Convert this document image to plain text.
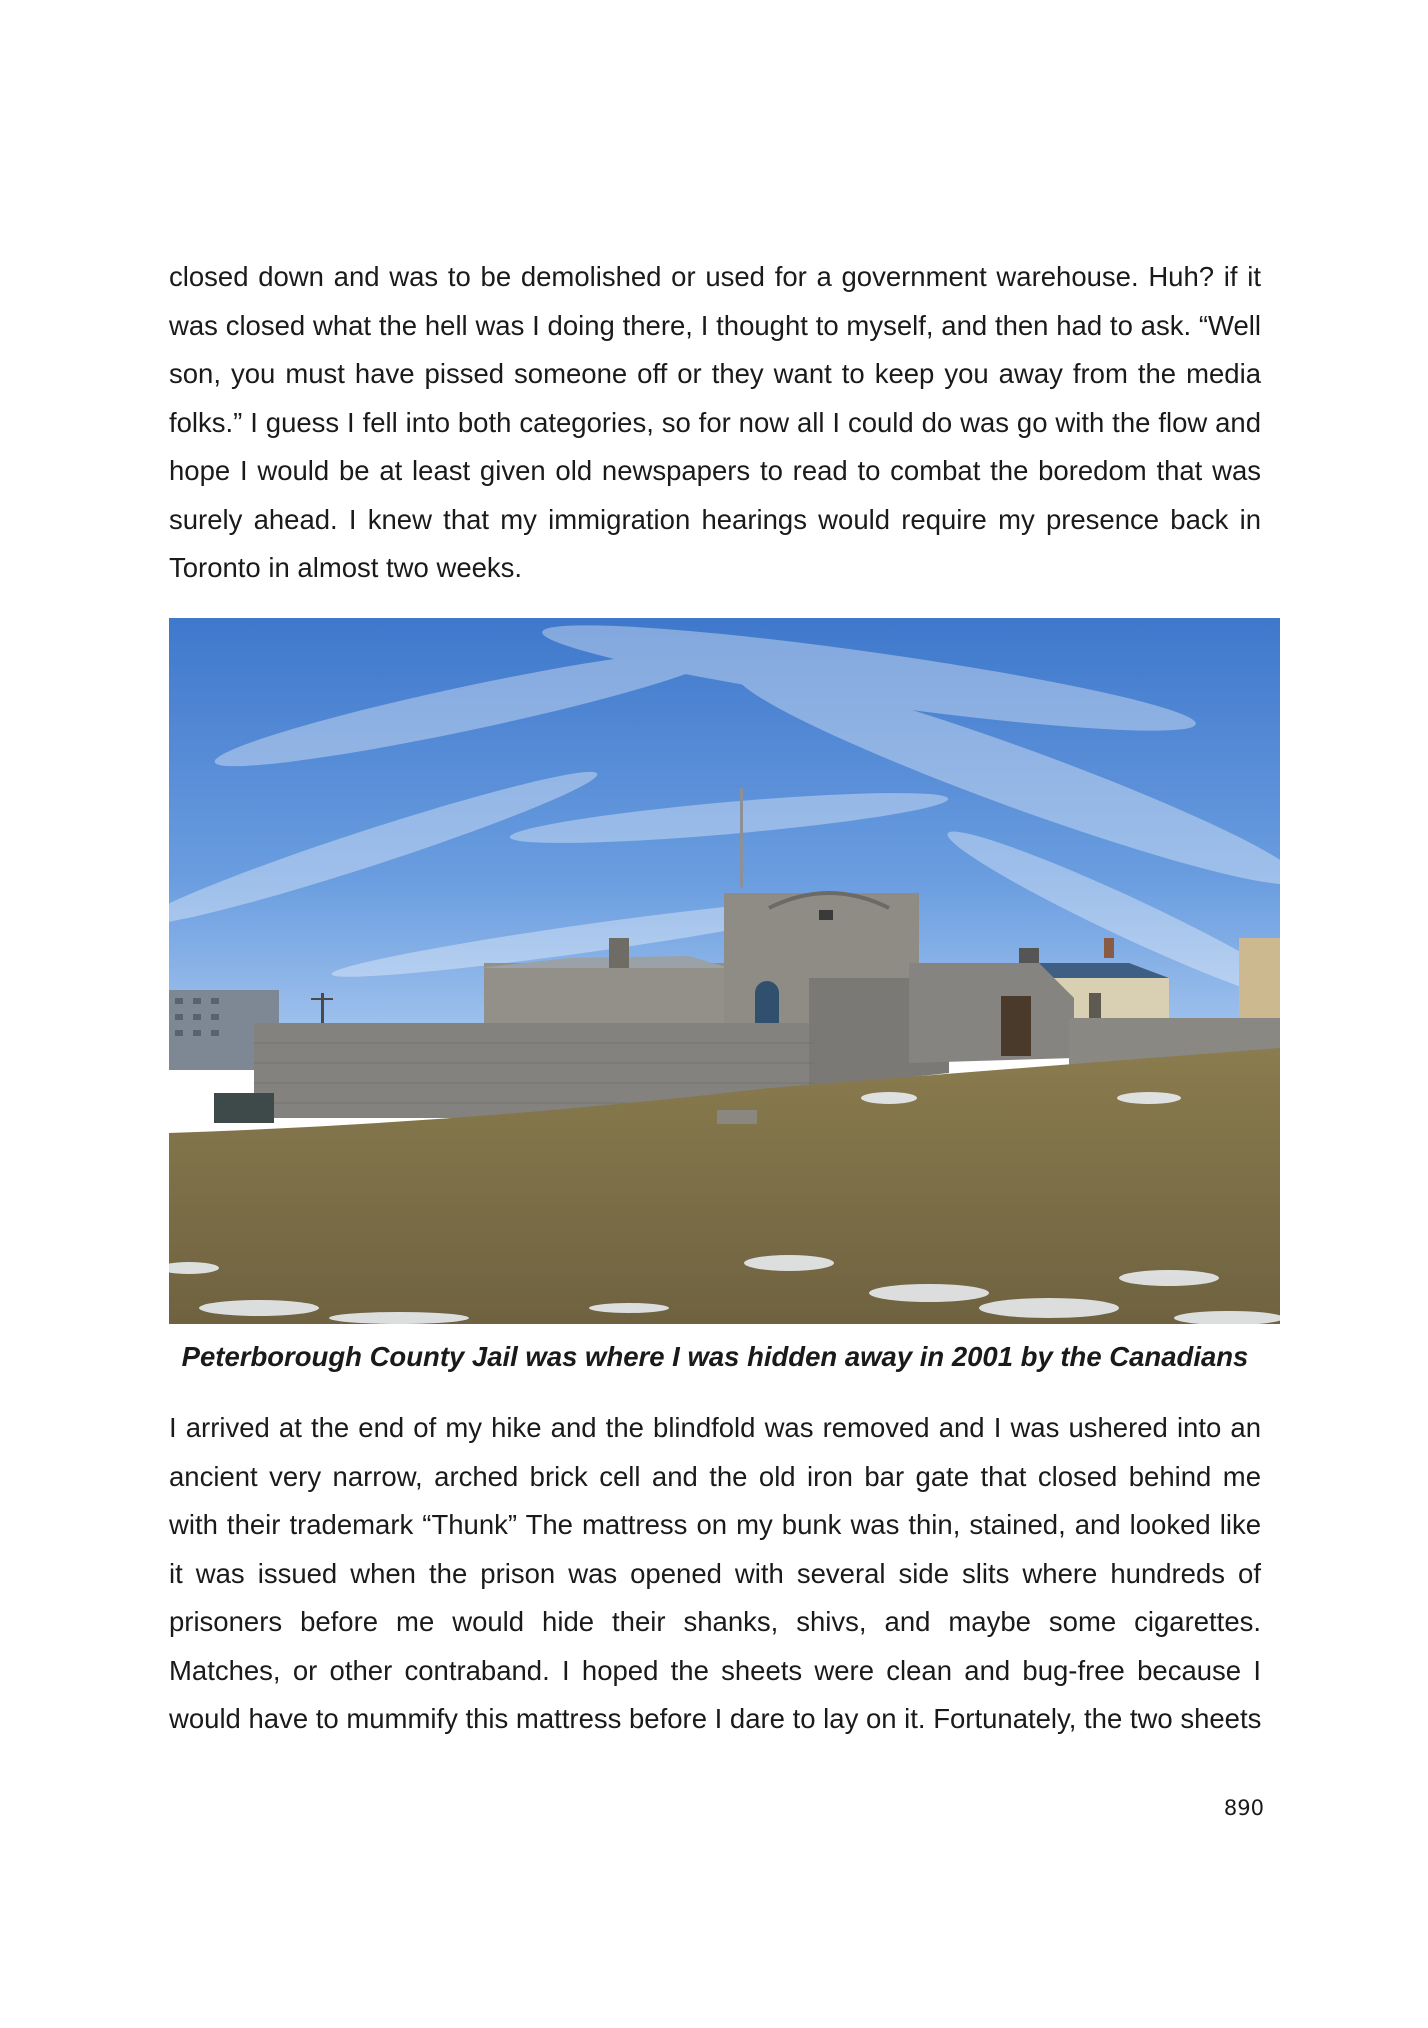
closed down and was to be demolished or used for a government warehouse. Huh? if it
was closed what the hell was I doing there, I thought to myself, and then had to ask. “Well
son, you must have pissed someone off or they want to keep you away from the media
folks.” I guess I fell into both categories, so for now all I could do was go with the flow and
hope I would be at least given old newspapers to read to combat the boredom that was
surely ahead. I knew that my immigration hearings would require my presence back in
Toronto in almost two weeks.

Peterborough County Jail was where I was hidden away in 2001 by the Canadians

I arrived at the end of my hike and the blindfold was removed and I was ushered into an
ancient very narrow, arched brick cell and the old iron bar gate that closed behind me
with their trademark “Thunk” The mattress on my bunk was thin, stained, and looked like
it was issued when the prison was opened with several side slits where hundreds of
prisoners before me would hide their shanks, shivs, and maybe some cigarettes.
Matches, or other contraband. I hoped the sheets were clean and bug-free because I
would have to mummify this mattress before I dare to lay on it. Fortunately, the two sheets

890
